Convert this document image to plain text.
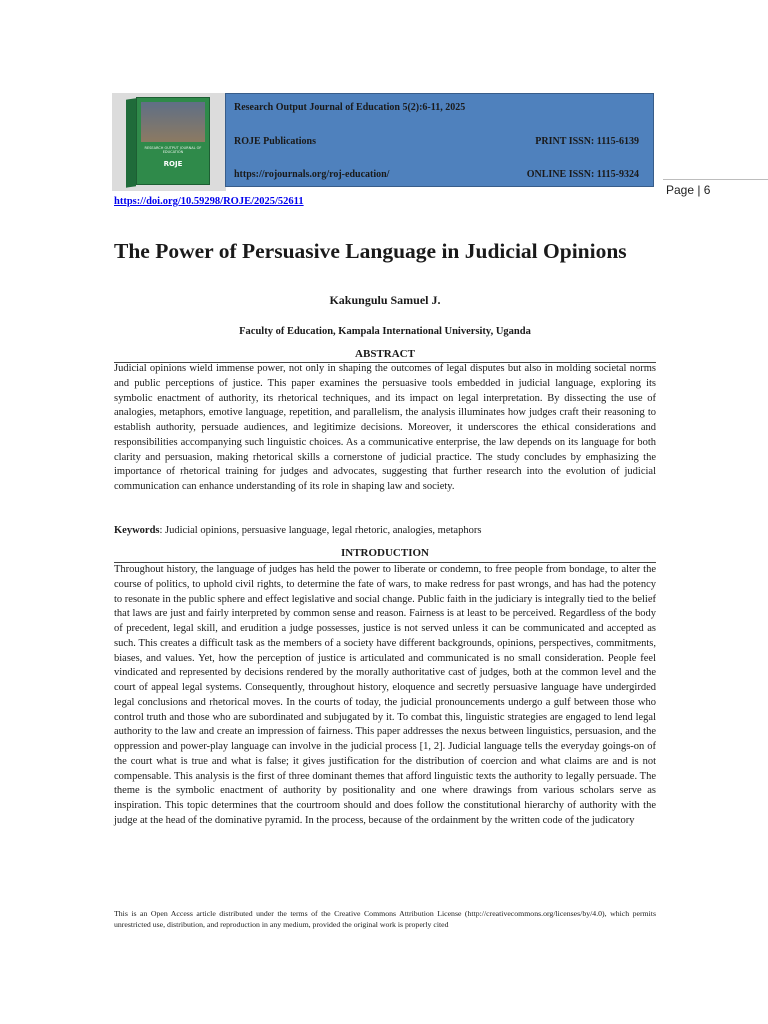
RESEARCH OUTPUT JOURNAL OF EDUCATION
ROJE
Research Output Journal of Education 5(2):6-11, 2025
ROJE Publications	PRINT ISSN: 1115-6139
https://rojournals.org/roj-education/	ONLINE ISSN: 1115-9324
Page | 6
https://doi.org/10.59298/ROJE/2025/52611
The Power of Persuasive Language in Judicial Opinions
Kakungulu Samuel J.
Faculty of Education, Kampala International University, Uganda
ABSTRACT

Judicial opinions wield immense power, not only in shaping the outcomes of legal disputes but also in molding societal norms and public perceptions of justice. This paper examines the persuasive tools embedded in judicial language, exploring its symbolic enactment of authority, its rhetorical techniques, and its impact on legal interpretation. By dissecting the use of analogies, metaphors, emotive language, repetition, and parallelism, the analysis illuminates how judges craft their reasoning to establish authority, persuade audiences, and legitimize decisions. Moreover, it underscores the ethical considerations and responsibilities accompanying such linguistic choices. As a communicative enterprise, the law depends on its language for both clarity and persuasion, making rhetorical skills a cornerstone of judicial practice. The study concludes by emphasizing the importance of rhetorical training for judges and advocates, suggesting that further research into the evolution of judicial communication can enhance understanding of its role in shaping law and society.

Keywords: Judicial opinions, persuasive language, legal rhetoric, analogies, metaphors
INTRODUCTION

Throughout history, the language of judges has held the power to liberate or condemn, to free people from bondage, to alter the course of politics, to uphold civil rights, to determine the fate of wars, to make redress for past wrongs, and has had the potency to resonate in the public sphere and effect legislative and social change. Public faith in the judiciary is integrally tied to the belief that laws are just and fairly interpreted by common sense and reason. Fairness is at least to be perceived. Regardless of the body of precedent, legal skill, and erudition a judge possesses, justice is not served unless it can be communicated and accepted as such. This creates a difficult task as the members of a society have different backgrounds, opinions, perspectives, commitments, biases, and values. Yet, how the perception of justice is articulated and communicated is no small consideration. People feel vindicated and represented by decisions rendered by the morally authoritative cast of judges, both at the common level and the court of appeal legal systems. Consequently, throughout history, eloquence and secretly persuasive language have undergirded legal conclusions and rhetorical moves. In the courts of today, the judicial pronouncements undergo a gulf between those who control truth and those who are subordinated and subjugated by it. To combat this, linguistic strategies are engaged to lend legal authority to the law and create an impression of fairness. This paper addresses the nexus between linguistics, persuasion, and the oppression and power-play language can involve in the judicial process [1, 2]. Judicial language tells the everyday goings-on of the court what is true and what is false; it gives justification for the distribution of coercion and what claims are and is not compensable. This analysis is the first of three dominant themes that afford linguistic texts the authority to legally persuade. The theme is the symbolic enactment of authority by positionality and one where drawings from various scholars serve as inspiration. This topic determines that the courtroom should and does follow the constitutional hierarchy of authority with the judge at the head of the dominative pyramid. In the process, because of the ordainment by the written code of the judicatory

This is an Open Access article distributed under the terms of the Creative Commons Attribution License (http://creativecommons.org/licenses/by/4.0), which permits unrestricted use, distribution, and reproduction in any medium, provided the original work is properly cited
